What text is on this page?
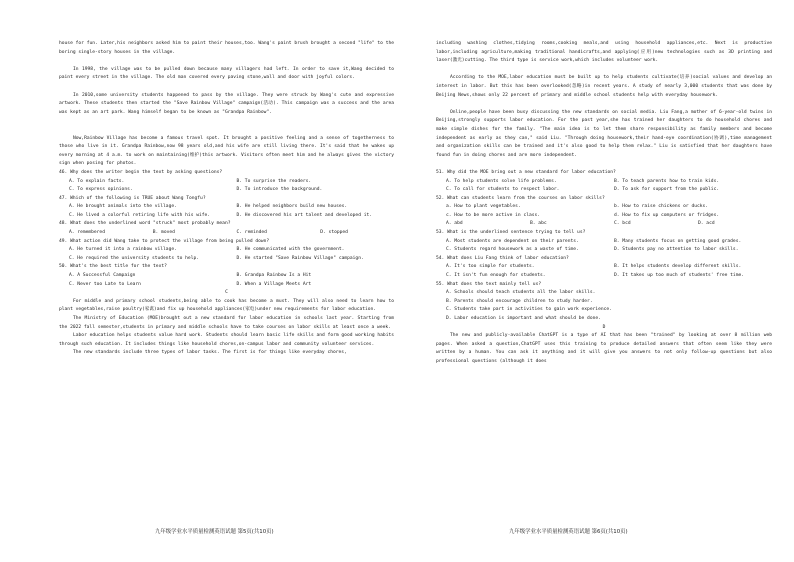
house for fun. Later,his neighbors asked him to paint their houses,too. Wang's paint brush brought a second "life" to the boring single-story houses in the village.

In 1998, the village was to be pulled down because many villagers had left. In order to save it,Wang decided to paint every street in the village. The old man covered every paving stone,wall and door with joyful colors.

In 2010,some university students happened to pass by the village. They were struck by Wang's cute and expressive artwork. These students then started the "Save Rainbow Village" campaign(活动). This campaign was a success and the area was kept as an art park. Wang himself began to be known as "Grandpa Rainbow".

Now,Rainbow Village has become a famous travel spot. It brought a positive feeling and a sense of togetherness to those who live in it. Grandpa Rainbow,now 98 years old,and his wife are still living there. It's said that he wakes up every morning at 4 a.m. to work on maintaining(维护)this artwork. Visitors often meet him and he always gives the victory sign when posing for photos.

46. Why does the writer begin the text by asking questions?

A. To explain facts.	B. To surprise the readers.
C. To express opinions.	D. To introduce the background.

47. Which of the following is TRUE about Wang Tongfu?

A. He brought animals into the village.	B. He helped neighbors build new houses.
C. He lived a colorful retiring life with his wife.	D. He discovered his art talent and developed it.

48. What does the underlined word "struck" most probably mean?

A. remembered	B. moved	C. reminded	D. stopped

49. What action did Wang take to protect the village from being pulled down?

A. He turned it into a rainbow village.	B. He communicated with the government.
C. He required the university students to help.	D. He started "Save Rainbow Village" campaign.

50. What's the best title for the text?

A. A Successful Campaign	B. Grandpa Rainbow Is a Hit
C. Never too Late to Learn	D. When a Village Meets Art

C

For middle and primary school students,being able to cook has become a must. They will also need to learn how to plant vegetables,raise poultry(家禽)and fix up household appliances(家电)under new requirements for labor education.

The Ministry of Education (MOE)brought out a new standard for labor education in schools last year. Starting from the 2022 fall semester,students in primary and middle schools have to take courses on labor skills at least once a week.

Labor education helps students value hard work. Students should learn basic life skills and form good working habits through such education. It includes things like household chores,on-campus labor and community volunteer services.

The new standards include three types of labor tasks. The first is for things like everyday chores,

including washing clothes,tidying rooms,cooking meals,and using household appliances,etc. Next is productive labor,including agriculture,making traditional handicrafts,and applying(应用)new technologies such as 3D printing and laser(激光)cutting. The third type is service work,which includes volunteer work.

According to the MOE,labor education must be built up to help students cultivate(培养)social values and develop an interest in labor. But this has been overlooked(忽略)in recent years. A study of nearly 3,000 students that was done by Beijing News,shows only 22 percent of primary and middle school students help with everyday housework.

Online,people have been busy discussing the new standards on social media. Liu Fang,a mother of 6-year-old twins in Beijing,strongly supports labor education. For the past year,she has trained her daughters to do household chores and make simple dishes for the family. "The main idea is to let them share responsibility as family members and become independent as early as they can," said Liu. "Through doing housework,their hand-eye coordination(协调),time management and organization skills can be trained and it's also good to help them relax." Liu is satisfied that her daughters have found fun in doing chores and are more independent.

51. Why did the MOE bring out a new standard for labor education?

A. To help students solve life problems.	B. To teach parents how to train kids.
C. To call for students to respect labor.	D. To ask for support from the public.

52. What can students learn from the courses on labor skills?

a. How to plant vegetables.	b. How to raise chickens or ducks.
c. How to be more active in class.	d. How to fix up computers or fridges.
A. abd	B. abc	C. bcd	D. acd

53. What is the underlined sentence trying to tell us?

A. Most students are dependent on their parents.	B. Many students focus on getting good grades.
C. Students regard housework as a waste of time.	D. Students pay no attention to labor skills.

54. What does Liu Fang think of labor education?

A. It's too simple for students.	B. It helps students develop different skills.
C. It isn't fun enough for students.	D. It takes up too much of students' free time.

55. What does the text mainly tell us?

A. Schools should teach students all the labor skills.

B. Parents should encourage children to study harder.

C. Students take part in activities to gain work experience.

D. Labor education is important and what should be done.

D

The new and publicly-available ChatGPT is a type of AI that has been "trained" by looking at over 8 million web pages. When asked a question,ChatGPT uses this training to produce detailed answers that often seem like they were written by a human. You can ask it anything and it will give you answers to not only follow-up questions but also professional questions (although it does

九年级学业水平质量检测英语试题 第5页(共10页)	九年级学业水平质量检测英语试题 第6页(共10页)
